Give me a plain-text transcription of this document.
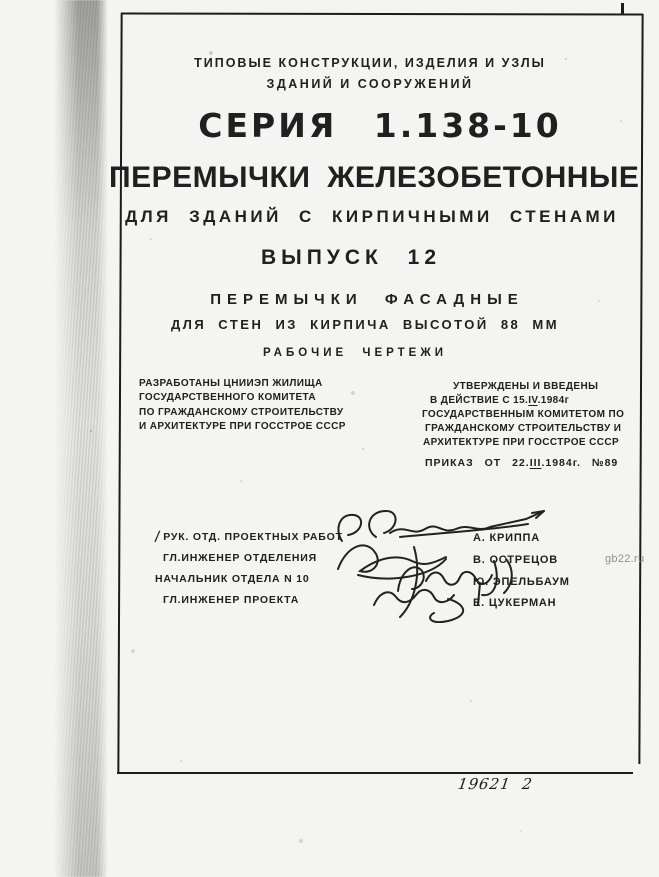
ТИПОВЫЕ КОНСТРУКЦИИ, ИЗДЕЛИЯ И УЗЛЫ
ЗДАНИЙ И СООРУЖЕНИЙ
СЕРИЯ 1.138-10
ПЕРЕМЫЧКИ ЖЕЛЕЗОБЕТОННЫЕ
ДЛЯ ЗДАНИЙ С КИРПИЧНЫМИ СТЕНАМИ
ВЫПУСК 12
ПЕРЕМЫЧКИ ФАСАДНЫЕ
ДЛЯ СТЕН ИЗ КИРПИЧА ВЫСОТОЙ 88 ММ
РАБОЧИЕ ЧЕРТЕЖИ
РАЗРАБОТАНЫ ЦНИИЭП ЖИЛИЩА
ГОСУДАРСТВЕННОГО КОМИТЕТА
ПО ГРАЖДАНСКОМУ СТРОИТЕЛЬСТВУ
И АРХИТЕКТУРЕ ПРИ ГОССТРОЕ СССР
УТВЕРЖДЕНЫ И ВВЕДЕНЫ
В ДЕЙСТВИЕ С 15.IV.1984г
ГОСУДАРСТВЕННЫМ КОМИТЕТОМ ПО
ГРАЖДАНСКОМУ СТРОИТЕЛЬСТВУ И
АРХИТЕКТУРЕ ПРИ ГОССТРОЕ СССР
ПРИКАЗ ОТ 22.III.1984г. №89
/ РУК. ОТД. ПРОЕКТНЫХ РАБОТ
ГЛ.ИНЖЕНЕР ОТДЕЛЕНИЯ
НАЧАЛЬНИК ОТДЕЛА N 10
ГЛ.ИНЖЕНЕР ПРОЕКТА
А. КРИППА
В. ОСТРЕЦОВ
Ю. ЭПЕЛЬБАУМ
Е. ЦУКЕРМАН
19621  2
gb22.ru
